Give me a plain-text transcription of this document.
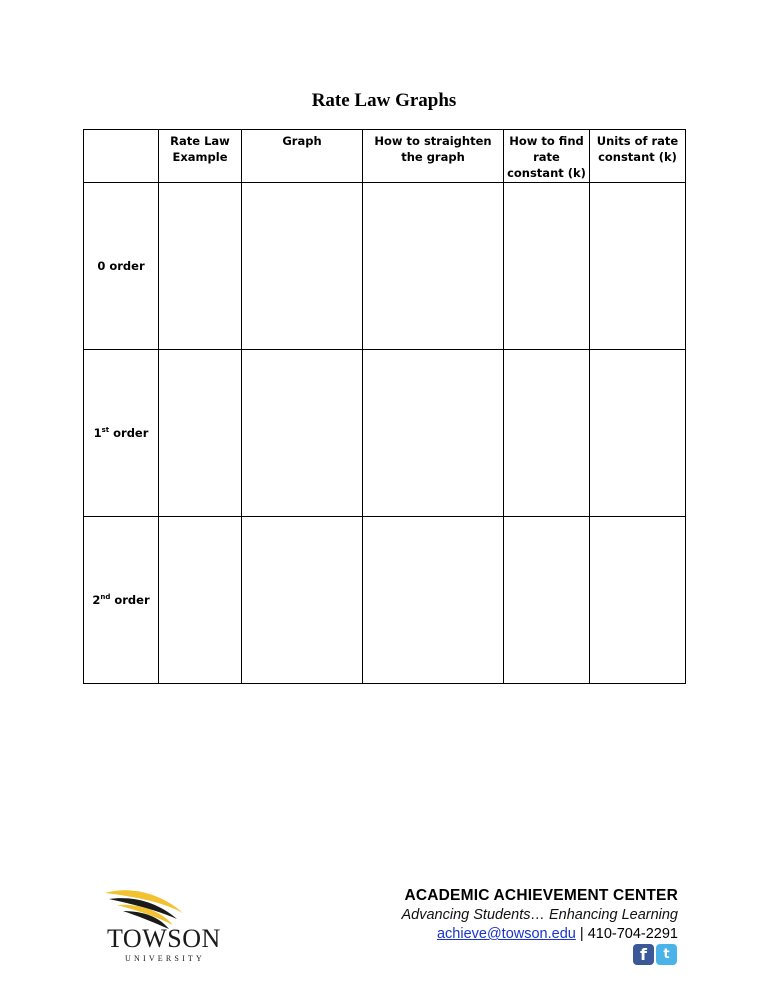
Rate Law Graphs
	Rate Law Example	Graph	How to straighten the graph	How to find rate constant (k)	Units of rate constant (k)
0 order					
1st order					
2nd order					
TOWSON
UNIVERSITY
ACADEMIC ACHIEVEMENT CENTER
Advancing Students… Enhancing Learning
achieve@towson.edu | 410-704-2291
f	t
